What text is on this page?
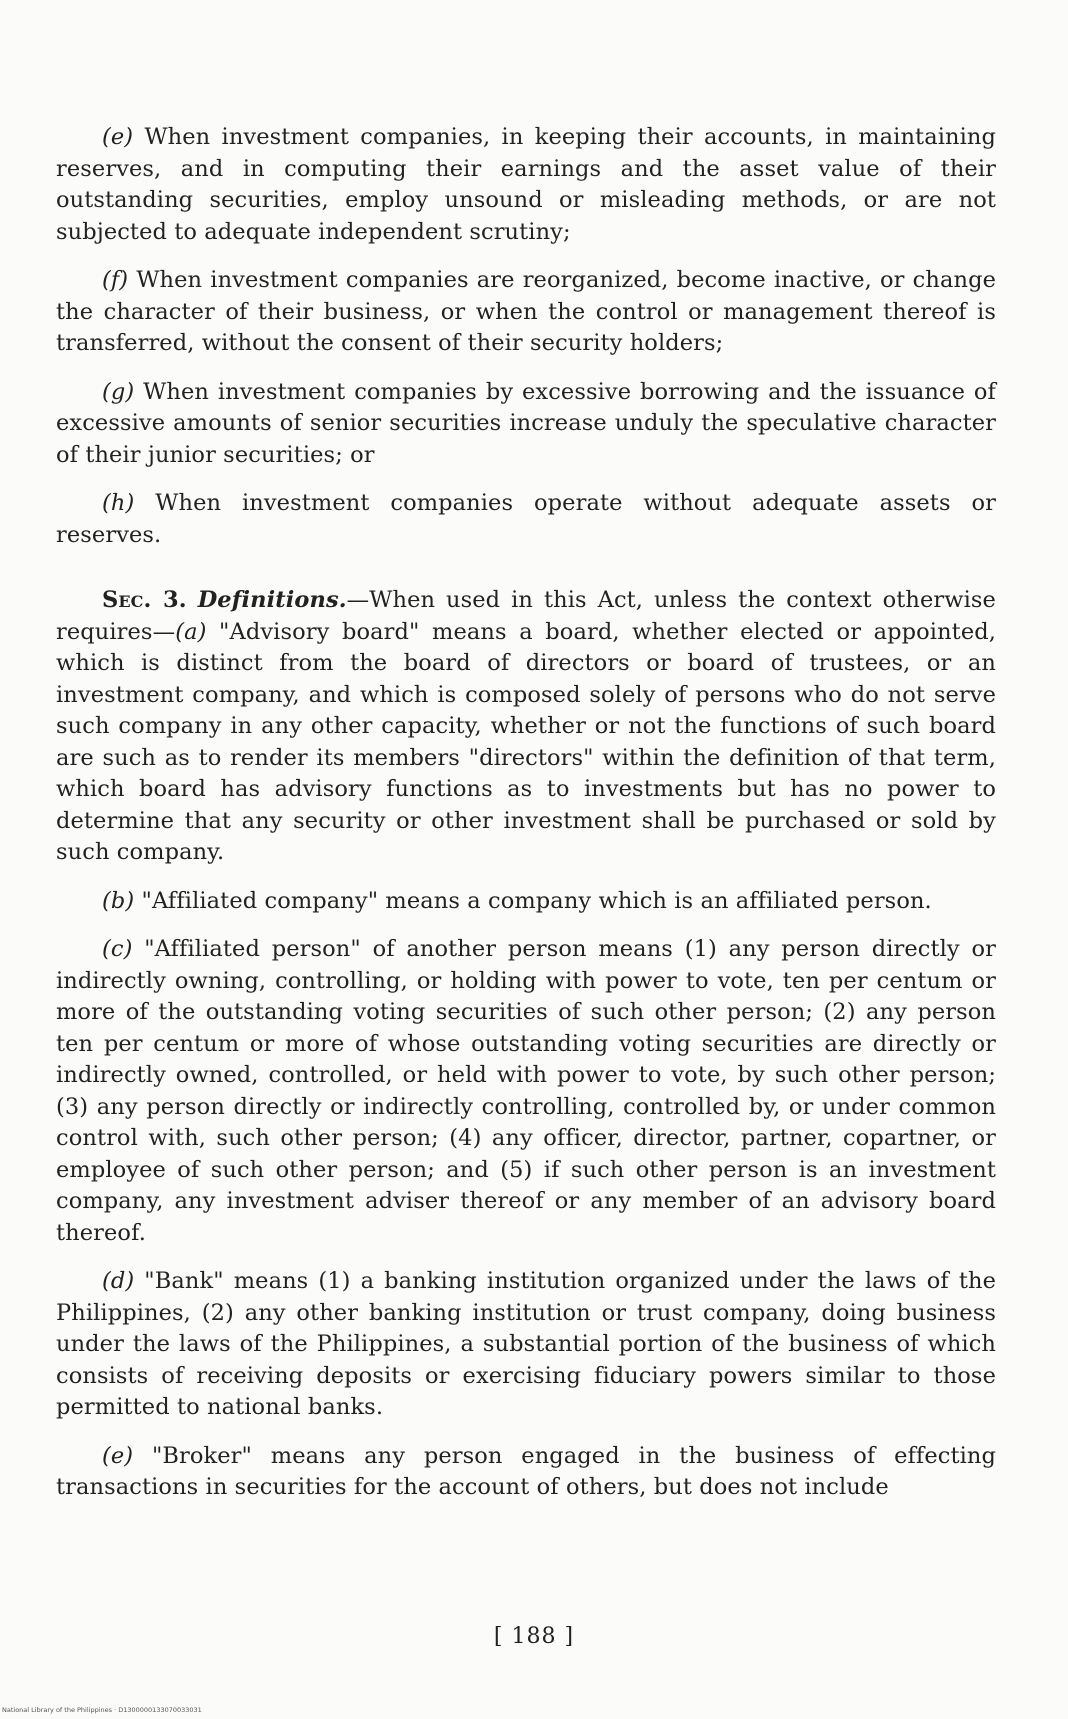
(e) When investment companies, in keeping their accounts, in maintaining reserves, and in computing their earnings and the asset value of their outstanding securities, employ unsound or misleading methods, or are not subjected to adequate independent scrutiny;

(f) When investment companies are reorganized, become inactive, or change the character of their business, or when the control or management thereof is transferred, without the consent of their security holders;

(g) When investment companies by excessive borrowing and the issuance of excessive amounts of senior securities increase unduly the speculative character of their junior securities; or

(h) When investment companies operate without adequate assets or reserves.

Sec. 3. Definitions.—When used in this Act, unless the context otherwise requires—(a) "Advisory board" means a board, whether elected or appointed, which is distinct from the board of directors or board of trustees, or an investment company, and which is composed solely of persons who do not serve such company in any other capacity, whether or not the functions of such board are such as to render its members "directors" within the definition of that term, which board has advisory functions as to investments but has no power to determine that any security or other investment shall be purchased or sold by such company.

(b) "Affiliated company" means a company which is an affiliated person.

(c) "Affiliated person" of another person means (1) any person directly or indirectly owning, controlling, or holding with power to vote, ten per centum or more of the outstanding voting securities of such other person; (2) any person ten per centum or more of whose outstanding voting securities are directly or indirectly owned, controlled, or held with power to vote, by such other person; (3) any person directly or indirectly controlling, controlled by, or under common control with, such other person; (4) any officer, director, partner, copartner, or employee of such other person; and (5) if such other person is an investment company, any investment adviser thereof or any member of an advisory board thereof.

(d) "Bank" means (1) a banking institution organized under the laws of the Philippines, (2) any other banking institution or trust company, doing business under the laws of the Philippines, a substantial portion of the business of which consists of receiving deposits or exercising fiduciary powers similar to those permitted to national banks.

(e) "Broker" means any person engaged in the business of effecting transactions in securities for the account of others, but does not include

[ 188 ]
National Library of the Philippines · D1300000133070033031
